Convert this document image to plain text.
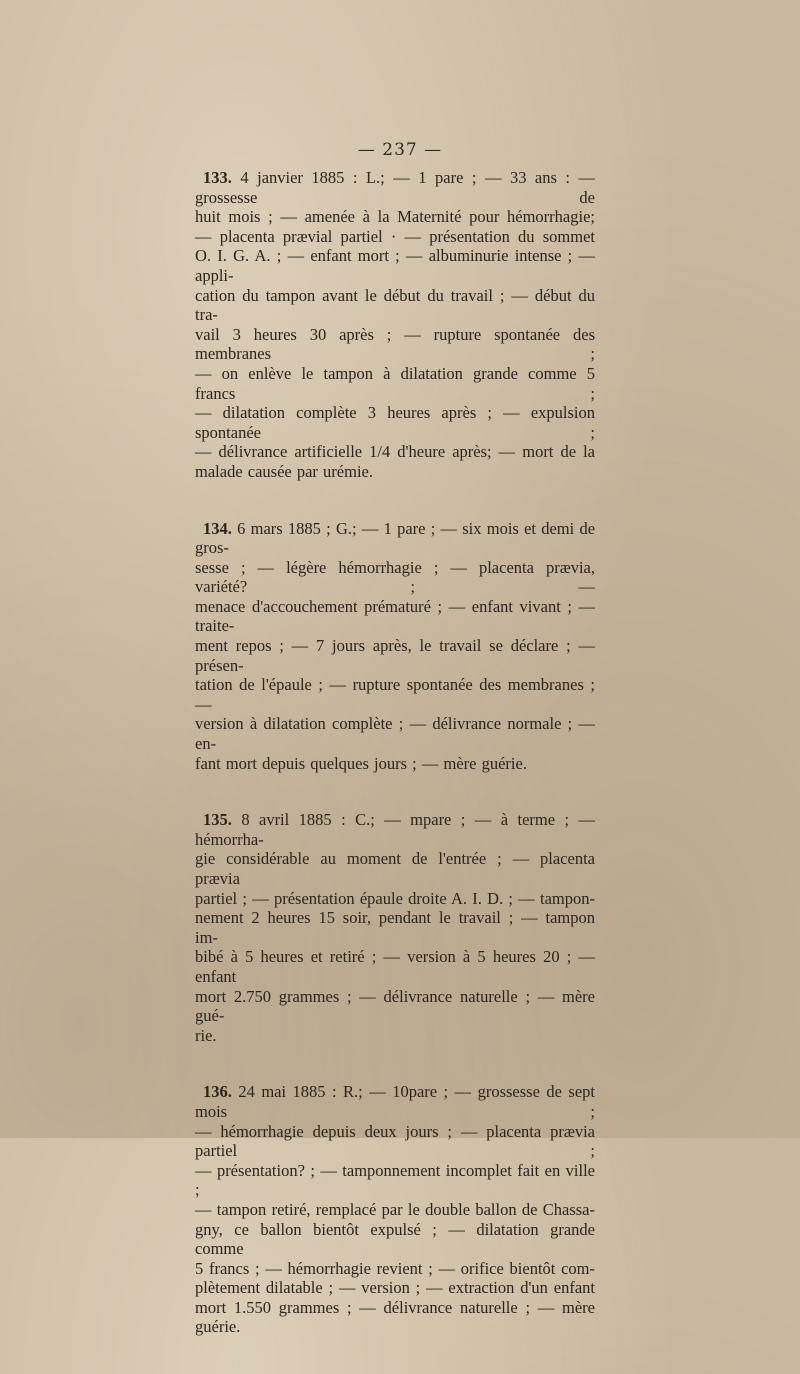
— 237 —
133. 4 janvier 1885 : L.; — 1 pare ; — 33 ans : — grossesse de
huit mois ; — amenée à la Maternité pour hémorrhagie;
— placenta prævial partiel · — présentation du sommet
O. I. G. A. ; — enfant mort ; — albuminurie intense ; — appli-
cation du tampon avant le début du travail ; — début du tra-
vail 3 heures 30 après ; — rupture spontanée des membranes ;
— on enlève le tampon à dilatation grande comme 5 francs ;
— dilatation complète 3 heures après ; — expulsion spontanée ;
— délivrance artificielle 1/4 d'heure après; — mort de la
malade causée par urémie.
134. 6 mars 1885 ; G.; — 1 pare ; — six mois et demi de gros-
sesse ; — légère hémorrhagie ; — placenta prævia, variété? ; —
menace d'accouchement prématuré ; — enfant vivant ; — traite-
ment repos ; — 7 jours après, le travail se déclare ; — présen-
tation de l'épaule ; — rupture spontanée des membranes ; —
version à dilatation complète ; — délivrance normale ; — en-
fant mort depuis quelques jours ; — mère guérie.
135. 8 avril 1885 : C.; — mpare ; — à terme ; — hémorrha-
gie considérable au moment de l'entrée ; — placenta prævia
partiel ; — présentation épaule droite A. I. D. ; — tampon-
nement 2 heures 15 soir, pendant le travail ; — tampon im-
bibé à 5 heures et retiré ; — version à 5 heures 20 ; — enfant
mort 2.750 grammes ; — délivrance naturelle ; — mère gué-
rie.
136. 24 mai 1885 : R.; — 10pare ; — grossesse de sept mois ;
— hémorrhagie depuis deux jours ; — placenta prævia partiel ;
— présentation? ; — tamponnement incomplet fait en ville ;
— tampon retiré, remplacé par le double ballon de Chassa-
gny, ce ballon bientôt expulsé ; — dilatation grande comme
5 francs ; — hémorrhagie revient ; — orifice bientôt com-
plètement dilatable ; — version ; — extraction d'un enfant
mort 1.550 grammes ; — délivrance naturelle ; — mère
guérie.
